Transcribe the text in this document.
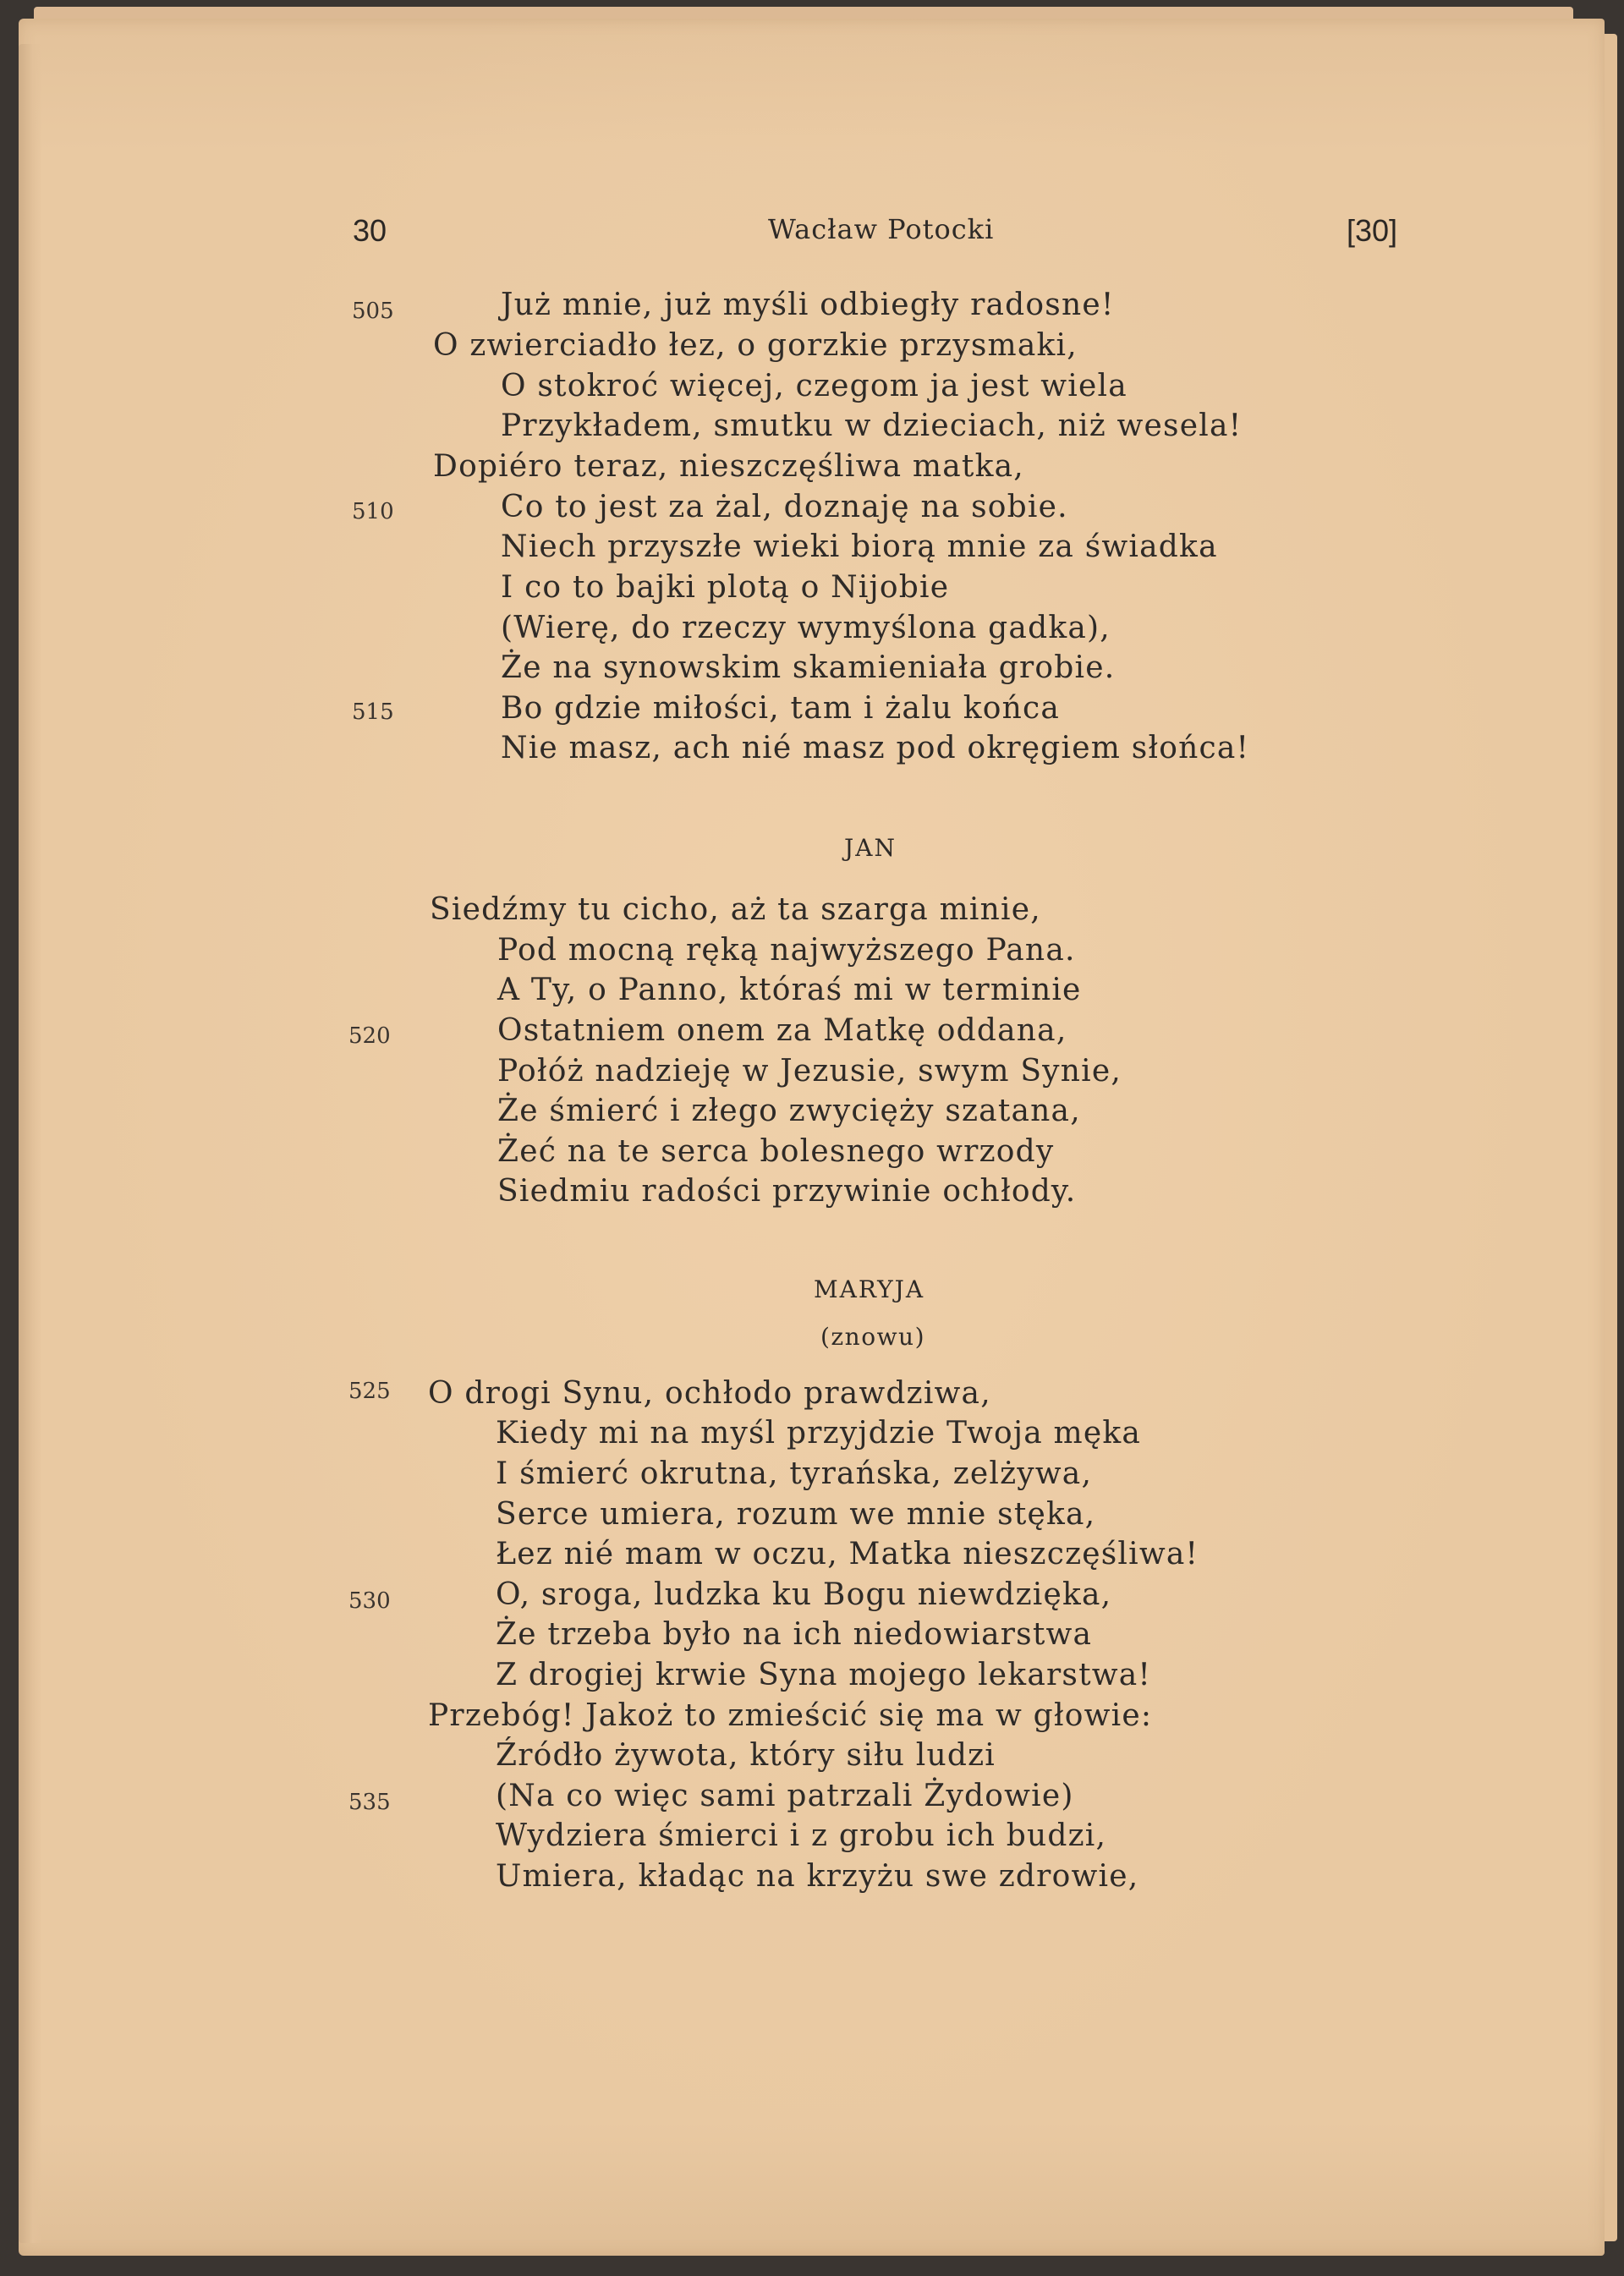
30	Wacław Potocki	[30]
505
510
515
520
525
530
535
Już mnie, już myśli odbiegły radosne!
O zwierciadło łez, o gorzkie przysmaki,
O stokroć więcej, czegom ja jest wiela
Przykładem, smutku w dzieciach, niż wesela!
Dopiéro teraz, nieszczęśliwa matka,
Co to jest za żal, doznaję na sobie.
Niech przyszłe wieki biorą mnie za świadka
I co to bajki plotą o Nijobie
(Wierę, do rzeczy wymyślona gadka),
Że na synowskim skamieniała grobie.
Bo gdzie miłości, tam i żalu końca
Nie masz, ach nié masz pod okręgiem słońca!
JAN
Siedźmy tu cicho, aż ta szarga minie,
Pod mocną ręką najwyższego Pana.
A Ty, o Panno, któraś mi w terminie
Ostatniem onem za Matkę oddana,
Połóż nadzieję w Jezusie, swym Synie,
Że śmierć i złego zwycięży szatana,
Żeć na te serca bolesnego wrzody
Siedmiu radości przywinie ochłody.
MARYJA
(znowu)
O drogi Synu, ochłodo prawdziwa,
Kiedy mi na myśl przyjdzie Twoja męka
I śmierć okrutna, tyrańska, zelżywa,
Serce umiera, rozum we mnie stęka,
Łez nié mam w oczu, Matka nieszczęśliwa!
O, sroga, ludzka ku Bogu niewdzięka,
Że trzeba było na ich niedowiarstwa
Z drogiej krwie Syna mojego lekarstwa!
Przebóg! Jakoż to zmieścić się ma w głowie:
Źródło żywota, który siłu ludzi
(Na co więc sami patrzali Żydowie)
Wydziera śmierci i z grobu ich budzi,
Umiera, kładąc na krzyżu swe zdrowie,
